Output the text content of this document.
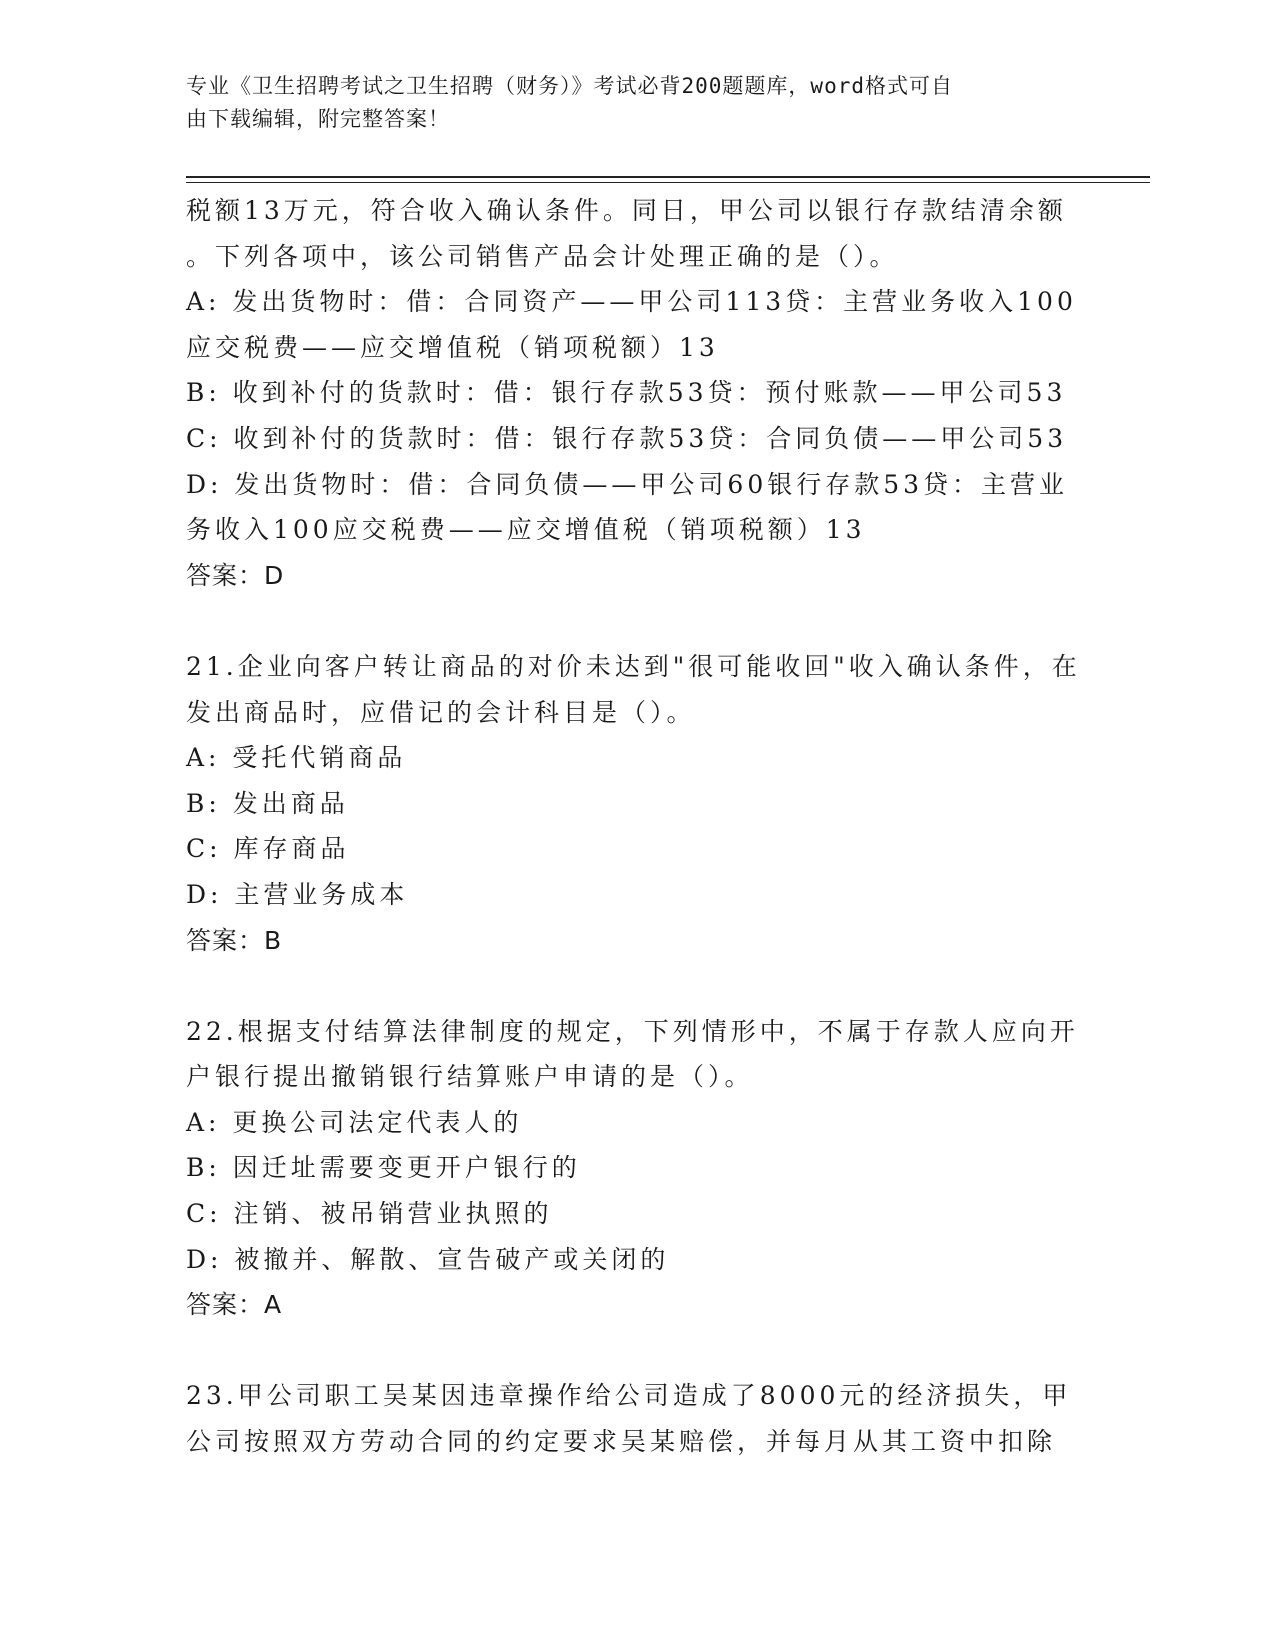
专业《卫生招聘考试之卫生招聘（财务）》考试必背200题题库，word格式可自
由下载编辑，附完整答案！

税额13万元，符合收入确认条件。同日，甲公司以银行存款结清余额

。下列各项中，该公司销售产品会计处理正确的是（）。

A: 发出货物时：借：合同资产——甲公司113贷：主营业务收入100

应交税费——应交增值税（销项税额）13

B: 收到补付的货款时：借：银行存款53贷：预付账款——甲公司53

C: 收到补付的货款时：借：银行存款53贷：合同负债——甲公司53

D: 发出货物时：借：合同负债——甲公司60银行存款53贷：主营业

务收入100应交税费——应交增值税（销项税额）13

答案：D

21.企业向客户转让商品的对价未达到"很可能收回"收入确认条件，在

发出商品时，应借记的会计科目是（）。

A: 受托代销商品

B: 发出商品

C: 库存商品

D: 主营业务成本

答案：B

22.根据支付结算法律制度的规定，下列情形中，不属于存款人应向开

户银行提出撤销银行结算账户申请的是（）。

A: 更换公司法定代表人的

B: 因迁址需要变更开户银行的

C: 注销、被吊销营业执照的

D: 被撤并、解散、宣告破产或关闭的

答案：A

23.甲公司职工吴某因违章操作给公司造成了8000元的经济损失，甲

公司按照双方劳动合同的约定要求吴某赔偿，并每月从其工资中扣除
